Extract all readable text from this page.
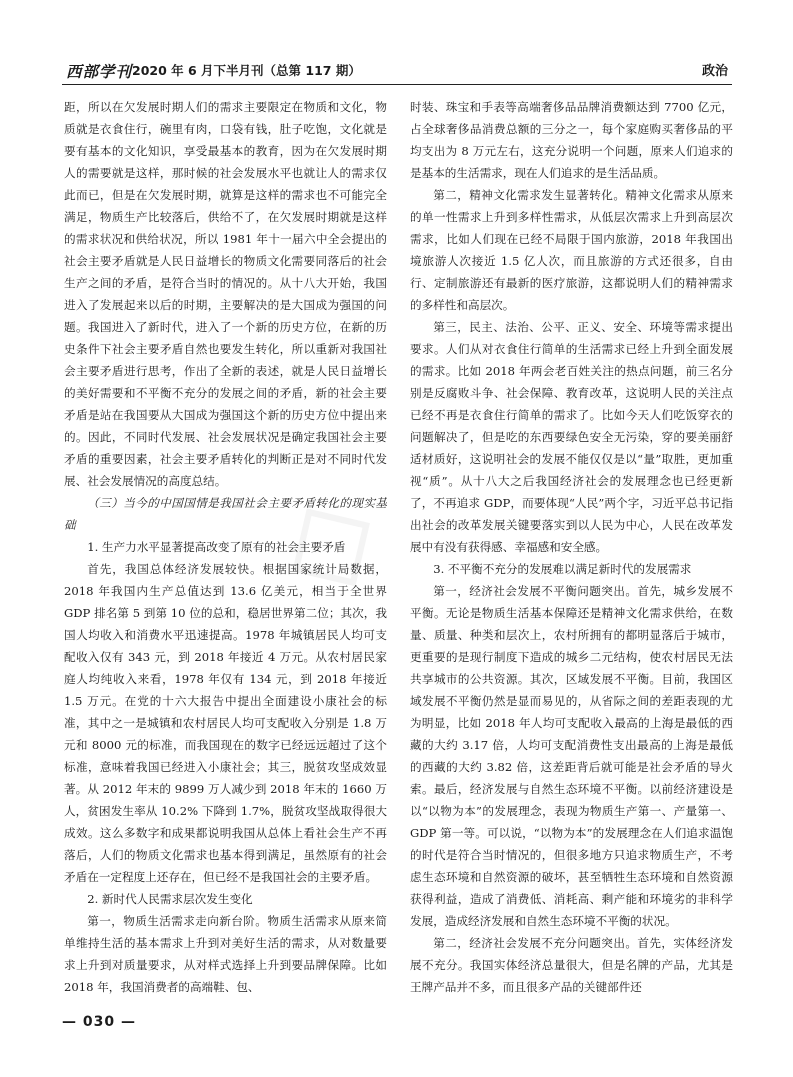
西部学刊 2020 年 6 月下半月刊（总第 117 期）	政治

距，所以在欠发展时期人们的需求主要限定在物质和文化，物质就是衣食住行，碗里有肉，口袋有钱，肚子吃饱，文化就是要有基本的文化知识，享受最基本的教育，因为在欠发展时期人的需要就是这样，那时候的社会发展水平也就让人的需求仅此而已，但是在欠发展时期，就算是这样的需求也不可能完全满足，物质生产比较落后，供给不了，在欠发展时期就是这样的需求状况和供给状况，所以 1981 年十一届六中全会提出的社会主要矛盾就是人民日益增长的物质文化需要同落后的社会生产之间的矛盾，是符合当时的情况的。从十八大开始，我国进入了发展起来以后的时期，主要解决的是大国成为强国的问题。我国进入了新时代，进入了一个新的历史方位，在新的历史条件下社会主要矛盾自然也要发生转化，所以重新对我国社会主要矛盾进行思考，作出了全新的表述，就是人民日益增长的美好需要和不平衡不充分的发展之间的矛盾，新的社会主要矛盾是站在我国要从大国成为强国这个新的历史方位中提出来的。因此，不同时代发展、社会发展状况是确定我国社会主要矛盾的重要因素，社会主要矛盾转化的判断正是对不同时代发展、社会发展情况的高度总结。

（三）当今的中国国情是我国社会主要矛盾转化的现实基础

1. 生产力水平显著提高改变了原有的社会主要矛盾

首先，我国总体经济发展较快。根据国家统计局数据，2018 年我国内生产总值达到 13.6 亿美元，相当于全世界 GDP 排名第 5 到第 10 位的总和，稳居世界第二位；其次，我国人均收入和消费水平迅速提高。1978 年城镇居民人均可支配收入仅有 343 元，到 2018 年接近 4 万元。从农村居民家庭人均纯收入来看，1978 年仅有 134 元，到 2018 年接近 1.5 万元。在党的十六大报告中提出全面建设小康社会的标准，其中之一是城镇和农村居民人均可支配收入分别是 1.8 万元和 8000 元的标准，而我国现在的数字已经远远超过了这个标准，意味着我国已经进入小康社会；其三，脱贫攻坚成效显著。从 2012 年末的 9899 万人减少到 2018 年末的 1660 万人，贫困发生率从 10.2% 下降到 1.7%，脱贫攻坚战取得很大成效。这么多数字和成果都说明我国从总体上看社会生产不再落后，人们的物质文化需求也基本得到满足，虽然原有的社会矛盾在一定程度上还存在，但已经不是我国社会的主要矛盾。

2. 新时代人民需求层次发生变化

第一，物质生活需求走向新台阶。物质生活需求从原来简单维持生活的基本需求上升到对美好生活的需求，从对数量要求上升到对质量要求，从对样式选择上升到要品牌保障。比如 2018 年，我国消费者的高端鞋、包、

时装、珠宝和手表等高端奢侈品品牌消费额达到 7700 亿元，占全球奢侈品消费总额的三分之一，每个家庭购买奢侈品的平均支出为 8 万元左右，这充分说明一个问题，原来人们追求的是基本的生活需求，现在人们追求的是生活品质。

第二，精神文化需求发生显著转化。精神文化需求从原来的单一性需求上升到多样性需求，从低层次需求上升到高层次需求，比如人们现在已经不局限于国内旅游，2018 年我国出境旅游人次接近 1.5 亿人次，而且旅游的方式还很多，自由行、定制旅游还有最新的医疗旅游，这都说明人们的精神需求的多样性和高层次。

第三，民主、法治、公平、正义、安全、环境等需求提出要求。人们从对衣食住行简单的生活需求已经上升到全面发展的需求。比如 2018 年两会老百姓关注的热点问题，前三名分别是反腐败斗争、社会保障、教育改革，这说明人民的关注点已经不再是衣食住行简单的需求了。比如今天人们吃饭穿衣的问题解决了，但是吃的东西要绿色安全无污染，穿的要美丽舒适材质好，这说明社会的发展不能仅仅是以“量”取胜，更加重视“质”。从十八大之后我国经济社会的发展理念也已经更新了，不再追求 GDP，而要体现“人民”两个字，习近平总书记指出社会的改革发展关键要落实到以人民为中心，人民在改革发展中有没有获得感、幸福感和安全感。

3. 不平衡不充分的发展难以满足新时代的发展需求

第一，经济社会发展不平衡问题突出。首先，城乡发展不平衡。无论是物质生活基本保障还是精神文化需求供给，在数量、质量、种类和层次上，农村所拥有的都明显落后于城市，更重要的是现行制度下造成的城乡二元结构，使农村居民无法共享城市的公共资源。其次，区域发展不平衡。目前，我国区域发展不平衡仍然是显而易见的，从省际之间的差距表现的尤为明显，比如 2018 年人均可支配收入最高的上海是最低的西藏的大约 3.17 倍，人均可支配消费性支出最高的上海是最低的西藏的大约 3.82 倍，这差距背后就可能是社会矛盾的导火索。最后，经济发展与自然生态环境不平衡。以前经济建设是以“以物为本”的发展理念，表现为物质生产第一、产量第一、GDP 第一等。可以说，“以物为本”的发展理念在人们追求温饱的时代是符合当时情况的，但很多地方只追求物质生产，不考虑生态环境和自然资源的破坏，甚至牺牲生态环境和自然资源获得利益，造成了消费低、消耗高、剩产能和环境劣的非科学发展，造成经济发展和自然生态环境不平衡的状况。

第二，经济社会发展不充分问题突出。首先，实体经济发展不充分。我国实体经济总量很大，但是名牌的产品，尤其是王牌产品并不多，而且很多产品的关键部件还

— 030 —
